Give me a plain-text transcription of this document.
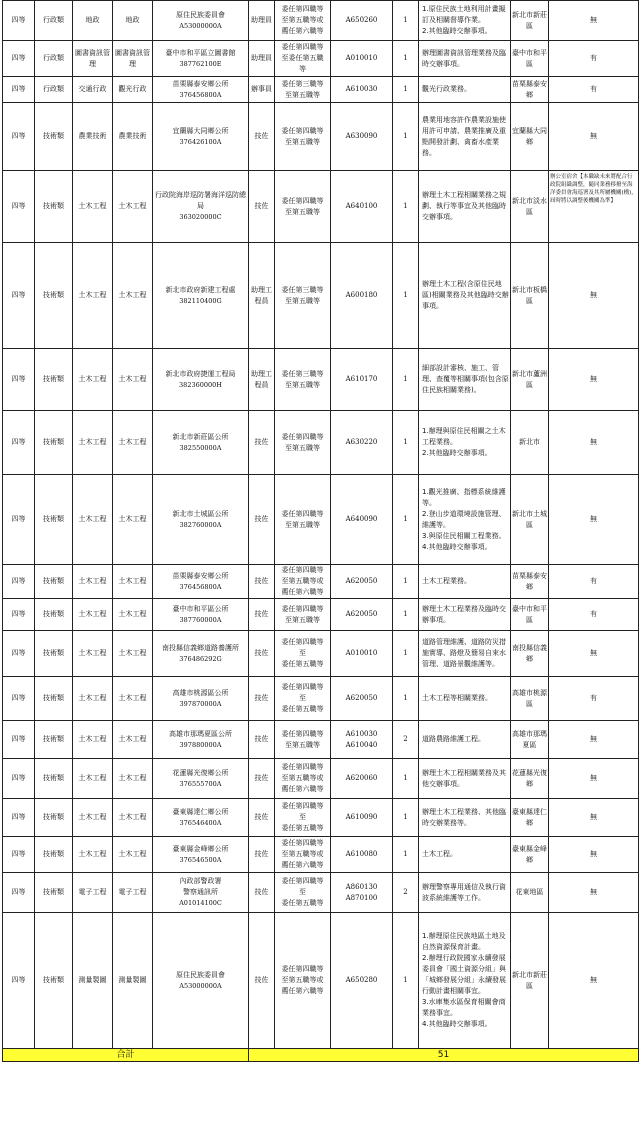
四等	行政類	地政	地政	原住民族委員會
A53000000A	助理員	委任第四職等
至第五職等或
薦任第六職等	A650260	1	1.原住民族土地利用計畫擬訂及相關督導作業。
2.其他臨時交辦事項。	新北市新莊區	無
四等	行政類	圖書資訊管理	圖書資訊管理	臺中市和平區立圖書館
387762100E	助理員	委任第四職等
至委任第五職
等	A010010	1	辦理圖書資訊管理業務及臨時交辦事項。	臺中市和平區	有
四等	行政類	交通行政	觀光行政	苗栗縣泰安鄉公所
376456800A	辦事員	委任第三職等
至第五職等	A610030	1	觀光行政業務。	苗栗縣泰安鄉	有
四等	技術類	農業技術	農業技術	宜蘭縣大同鄉公所
376426100A	技佐	委任第四職等
至第五職等	A630090	1	農業用地容許作農業設施使用許可申請、農業推廣及重點開發計劃、禽畜水產業務。	宜蘭縣大同鄉	無
四等	技術類	土木工程	土木工程	行政院海岸巡防署海洋巡防總局
363020000C	技佐	委任第四職等
至第五職等	A640100	1	辦理土木工程相關業務之規劃、執行等事宜及其他臨時交辦事項。	新北市淡水區	辦公室宿舍【本職缺未來將配合行政院組織調整，隨同業務移撥至海洋委員會海巡署及其所屬機關(構)，屆時將以調整後機關為準】
四等	技術類	土木工程	土木工程	新北市政府新建工程處
382110400G	助理工程員	委任第三職等
至第五職等	A600180	1	辦理土木工程(含原住民地區)相關業務及其他臨時交辦事項。	新北市板橋區	無
四等	技術類	土木工程	土木工程	新北市政府捷運工程局
382360000H	助理工程員	委任第三職等
至第五職等	A610170	1	細部設計審核、施工、管理、查覆等相關事項(包含原住民族相關業務)。	新北市蘆洲區	無
四等	技術類	土木工程	土木工程	新北市新莊區公所
382550000A	技佐	委任第四職等
至第五職等	A630220	1	1.辦理與原住民相關之土木工程業務。
2.其他臨時交辦事項。	新北市	無
四等	技術類	土木工程	土木工程	新北市土城區公所
382760000A	技佐	委任第四職等
至第五職等	A640090	1	1.觀光推廣、指標系統維護等。
2.登山步道環境設施管理、維護等。
3.與原住民相關工程業務。
4.其他臨時交辦事項。	新北市土城區	無
四等	技術類	土木工程	土木工程	苗栗縣泰安鄉公所
376456800A	技佐	委任第四職等
至第五職等或
薦任第六職等	A620050	1	土木工程業務。	苗栗縣泰安鄉	有
四等	技術類	土木工程	土木工程	臺中市和平區公所
387760000A	技佐	委任第四職等
至第五職等	A620050	1	辦理土木工程業務及臨時交辦事項。	臺中市和平區	有
四等	技術類	土木工程	土木工程	南投縣信義鄉道路養護所
376486292G	技佐	委任第四職等
至
委任第五職等	A010010	1	道路管理維護、道路防災措施實導、路燈及簡易自來水管理、道路景觀維護等。	南投縣信義鄉	無
四等	技術類	土木工程	土木工程	高雄市桃源區公所
397870000A	技佐	委任第四職等
至
委任第五職等	A620050	1	土木工程等相關業務。	高雄市桃源區	有
四等	技術類	土木工程	土木工程	高雄市那瑪夏區公所
397880000A	技佐	委任第四職等
至第五職等	A610030
A610040	2	道路農路維護工程。	高雄市那瑪夏區	無
四等	技術類	土木工程	土木工程	花蓮縣光復鄉公所
376555700A	技佐	委任第四職等
至第五職等或
薦任第六職等	A620060	1	辦理土木工程相關業務及其他交辦事項。	花蓮縣光復鄉	無
四等	技術類	土木工程	土木工程	臺東縣達仁鄉公所
376546400A	技佐	委任第四職等
至
委任第五職等	A610090	1	辦理土木工程業務、其他臨時交辦業務等。	臺東縣達仁鄉	無
四等	技術類	土木工程	土木工程	臺東縣金峰鄉公所
376546500A	技佐	委任第四職等
至第五職等或
薦任第六職等	A610080	1	土木工程。	臺東縣金峰鄉	無
四等	技術類	電子工程	電子工程	內政部警政署
警察通訊所
A01014100C	技佐	委任第四職等
至
委任第五職等	A860130
A870100	2	辦理警察專用通信及執行資波系統維護等工作。	花東地區	無
四等	技術類	測量製圖	測量製圖	原住民族委員會
A53000000A	技佐	委任第四職等
至第五職等或
薦任第六職等	A650280	1	1.辦理原住民族地區土地及自然資源保育計畫。
2.辦理行政院國家永續發展委員會「國土資源分組」與「城鄉發展分組」永續發展行動計畫相關事宜。
3.水庫集水區保育相關會商業務事宜。
4.其他臨時交辦事項。	新北市新莊區	無
合計					51						
